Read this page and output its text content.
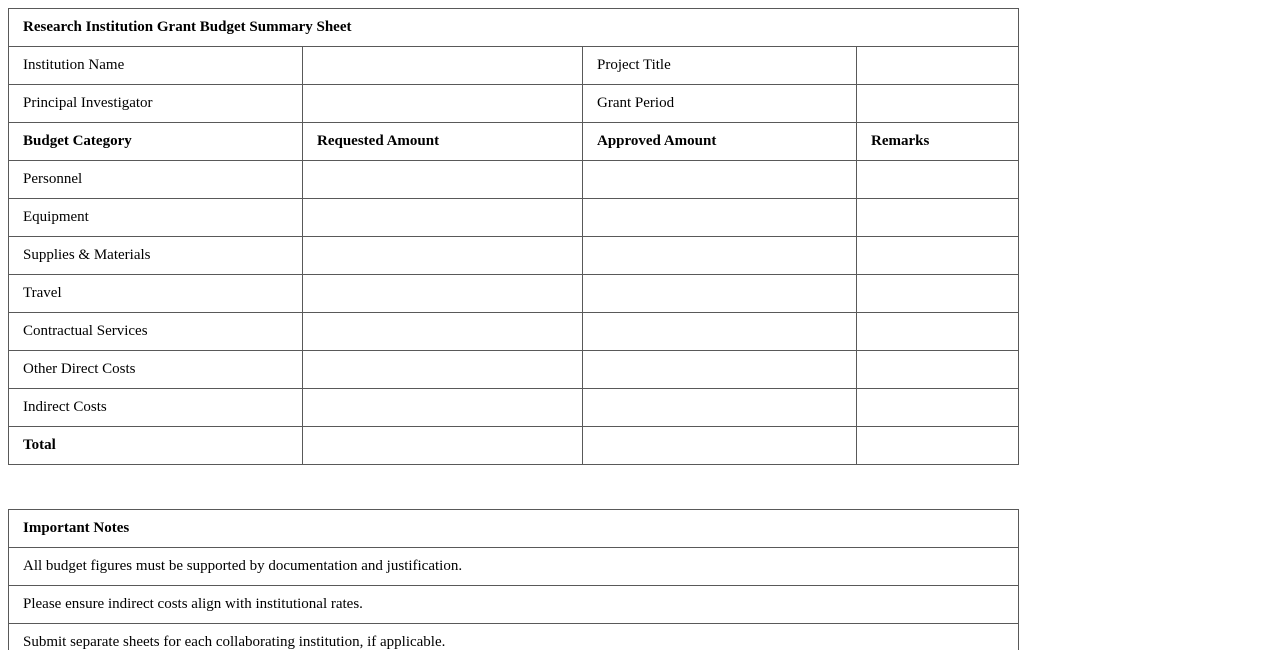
Research Institution Grant Budget Summary Sheet			
Institution Name		Project Title	
Principal Investigator		Grant Period	
Budget Category	Requested Amount	Approved Amount	Remarks
Personnel			
Equipment			
Supplies & Materials			
Travel			
Contractual Services			
Other Direct Costs			
Indirect Costs			
Total			
Important Notes
All budget figures must be supported by documentation and justification.
Please ensure indirect costs align with institutional rates.
Submit separate sheets for each collaborating institution, if applicable.
